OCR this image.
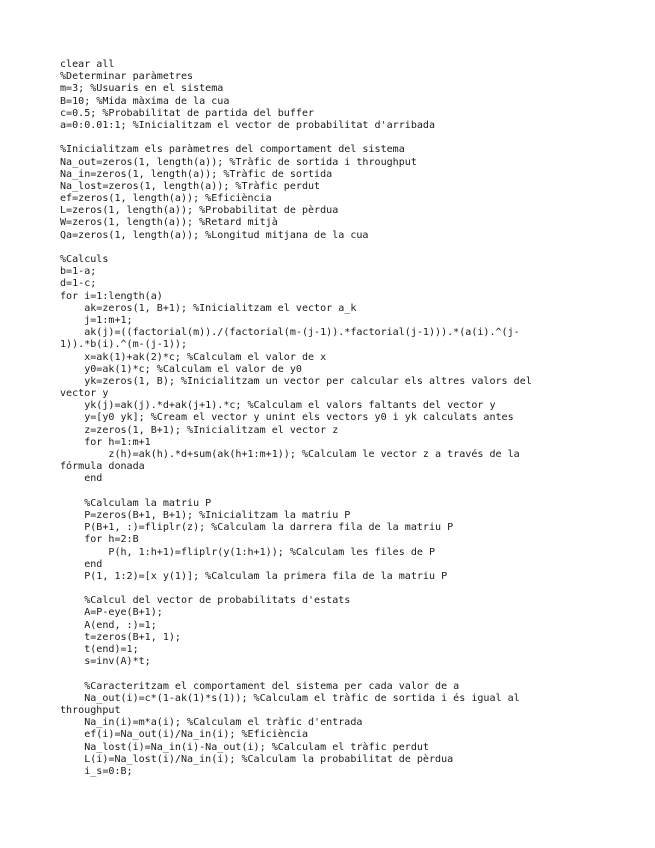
clear all
%Determinar paràmetres
m=3; %Usuaris en el sistema
B=10; %Mida màxima de la cua
c=0.5; %Probabilitat de partida del buffer
a=0:0.01:1; %Inicialitzam el vector de probabilitat d'arribada
%Inicialitzam els paràmetres del comportament del sistema
Na_out=zeros(1, length(a)); %Tràfic de sortida i throughput
Na_in=zeros(1, length(a)); %Tràfic de sortida
Na_lost=zeros(1, length(a)); %Tràfic perdut
ef=zeros(1, length(a)); %Eficiència
L=zeros(1, length(a)); %Probabilitat de pèrdua
W=zeros(1, length(a)); %Retard mitjà
Qa=zeros(1, length(a)); %Longitud mitjana de la cua
%Calculs
b=1-a;
d=1-c;
for i=1:length(a)
ak=zeros(1, B+1); %Inicialitzam el vector a_k
j=1:m+1;
ak(j)=((factorial(m))./(factorial(m-(j-1)).*factorial(j-1))).*(a(i).^(j-
1)).*b(i).^(m-(j-1));
x=ak(1)+ak(2)*c; %Calculam el valor de x
y0=ak(1)*c; %Calculam el valor de y0
yk=zeros(1, B); %Inicialitzam un vector per calcular els altres valors del
vector y
yk(j)=ak(j).*d+ak(j+1).*c; %Calculam el valors faltants del vector y
y=[y0 yk]; %Cream el vector y unint els vectors y0 i yk calculats antes
z=zeros(1, B+1); %Inicialitzam el vector z
for h=1:m+1
z(h)=ak(h).*d+sum(ak(h+1:m+1)); %Calculam le vector z a través de la
fórmula donada
end
%Calculam la matriu P
P=zeros(B+1, B+1); %Inicialitzam la matriu P
P(B+1, :)=fliplr(z); %Calculam la darrera fila de la matriu P
for h=2:B
P(h, 1:h+1)=fliplr(y(1:h+1)); %Calculam les files de P
end
P(1, 1:2)=[x y(1)]; %Calculam la primera fila de la matriu P
%Calcul del vector de probabilitats d'estats
A=P-eye(B+1);
A(end, :)=1;
t=zeros(B+1, 1);
t(end)=1;
s=inv(A)*t;
%Caracteritzam el comportament del sistema per cada valor de a
Na_out(i)=c*(1-ak(1)*s(1)); %Calculam el tràfic de sortida i és igual al
throughput
Na_in(i)=m*a(i); %Calculam el tràfic d'entrada
ef(i)=Na_out(i)/Na_in(i); %Eficiència
Na_lost(i)=Na_in(i)-Na_out(i); %Calculam el tràfic perdut
L(i)=Na_lost(i)/Na_in(i); %Calculam la probabilitat de pèrdua
i_s=0:B;
